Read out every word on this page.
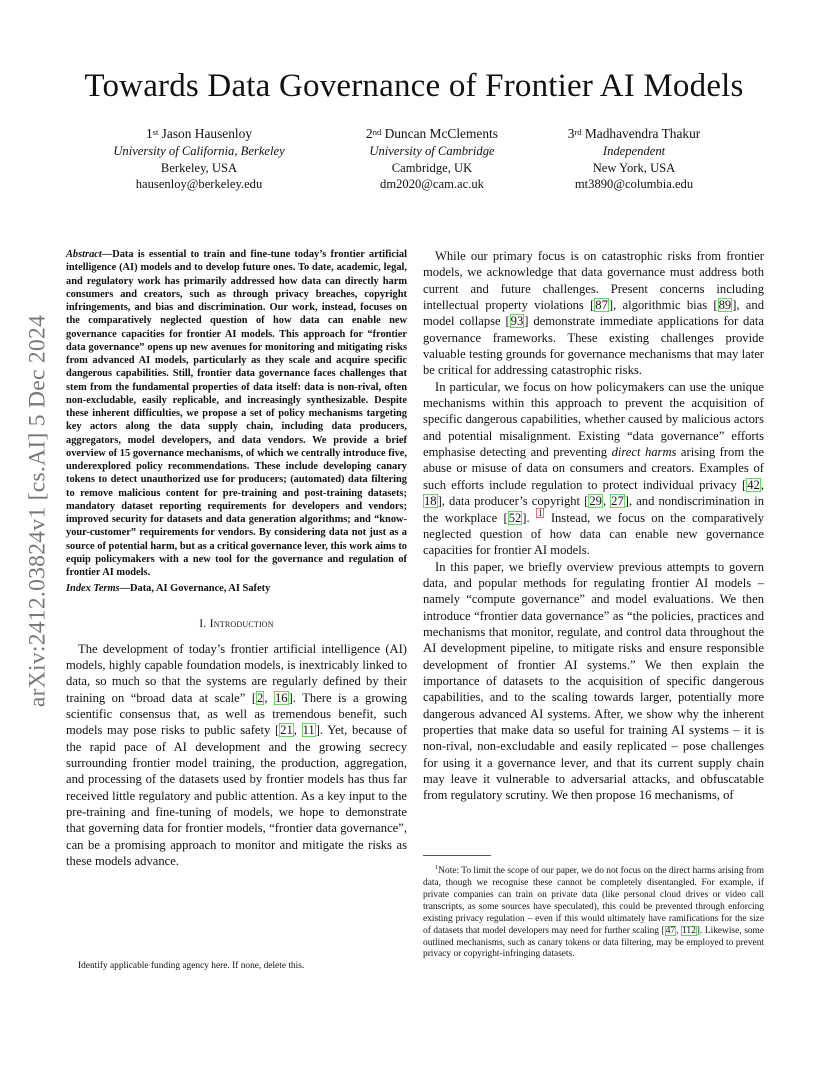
Towards Data Governance of Frontier AI Models
1st Jason Hausenloy
University of California, Berkeley
Berkeley, USA
hausenloy@berkeley.edu
2nd Duncan McClements
University of Cambridge
Cambridge, UK
dm2020@cam.ac.uk
3rd Madhavendra Thakur
Independent
New York, USA
mt3890@columbia.edu
arXiv:2412.03824v1 [cs.AI] 5 Dec 2024

Abstract—Data is essential to train and fine-tune today’s frontier artificial intelligence (AI) models and to develop future ones. To date, academic, legal, and regulatory work has primarily addressed how data can directly harm consumers and creators, such as through privacy breaches, copyright infringements, and bias and discrimination. Our work, instead, focuses on the comparatively neglected question of how data can enable new governance capacities for frontier AI models. This approach for “frontier data governance” opens up new avenues for monitoring and mitigating risks from advanced AI models, particularly as they scale and acquire specific dangerous capabilities. Still, frontier data governance faces challenges that stem from the fundamental properties of data itself: data is non-rival, often non-excludable, easily replicable, and increasingly synthesizable. Despite these inherent difficulties, we propose a set of policy mechanisms targeting key actors along the data supply chain, including data producers, aggregators, model developers, and data vendors. We provide a brief overview of 15 governance mechanisms, of which we centrally introduce five, underexplored policy recommendations. These include developing canary tokens to detect unauthorized use for producers; (automated) data filtering to remove malicious content for pre-training and post-training datasets; mandatory dataset reporting requirements for developers and vendors; improved security for datasets and data generation algorithms; and “know-your-customer” requirements for vendors. By considering data not just as a source of potential harm, but as a critical governance lever, this work aims to equip policymakers with a new tool for the governance and regulation of frontier AI models.

Index Terms—Data, AI Governance, AI Safety

I. Introduction

The development of today’s frontier artificial intelligence (AI) models, highly capable foundation models, is inextricably linked to data, so much so that the systems are regularly defined by their training on “broad data at scale” [2, 16]. There is a growing scientific consensus that, as well as tremendous benefit, such models may pose risks to public safety [21, 11]. Yet, because of the rapid pace of AI development and the growing secrecy surrounding frontier model training, the production, aggregation, and processing of the datasets used by frontier models has thus far received little regulatory and public attention. As a key input to the pre-training and fine-tuning of models, we hope to demonstrate that governing data for frontier models, “frontier data governance”, can be a promising approach to monitor and mitigate the risks as these models advance.

Identify applicable funding agency here. If none, delete this.

While our primary focus is on catastrophic risks from frontier models, we acknowledge that data governance must address both current and future challenges. Present concerns including intellectual property violations [87], algorithmic bias [89], and model collapse [93] demonstrate immediate applications for data governance frameworks. These existing challenges provide valuable testing grounds for governance mechanisms that may later be critical for addressing catastrophic risks.

In particular, we focus on how policymakers can use the unique mechanisms within this approach to prevent the acquisition of specific dangerous capabilities, whether caused by malicious actors and potential misalignment. Existing “data governance” efforts emphasise detecting and preventing direct harms arising from the abuse or misuse of data on consumers and creators. Examples of such efforts include regulation to protect individual privacy [42, 18], data producer’s copyright [29, 27], and nondiscrimination in the workplace [52]. $^1$ Instead, we focus on the comparatively neglected question of how data can enable new governance capacities for frontier AI models.

In this paper, we briefly overview previous attempts to govern data, and popular methods for regulating frontier AI models – namely “compute governance” and model evaluations. We then introduce “frontier data governance” as “the policies, practices and mechanisms that monitor, regulate, and control data throughout the AI development pipeline, to mitigate risks and ensure responsible development of frontier AI systems.” We then explain the importance of datasets to the acquisition of specific dangerous capabilities, and to the scaling towards larger, potentially more dangerous advanced AI systems. After, we show why the inherent properties that make data so useful for training AI systems – it is non-rival, non-excludable and easily replicated – pose challenges for using it a governance lever, and that its current supply chain may leave it vulnerable to adversarial attacks, and obfuscatable from regulatory scrutiny. We then propose 16 mechanisms, of

$^1$Note: To limit the scope of our paper, we do not focus on the direct harms arising from data, though we recognise these cannot be completely disentangled. For example, if private companies can train on private data (like personal cloud drives or video call transcripts, as some sources have speculated), this could be prevented through enforcing existing privacy regulation – even if this would ultimately have ramifications for the size of datasets that model developers may need for further scaling [47, 112]. Likewise, some outlined mechanisms, such as canary tokens or data filtering, may be employed to prevent privacy or copyright-infringing datasets.
